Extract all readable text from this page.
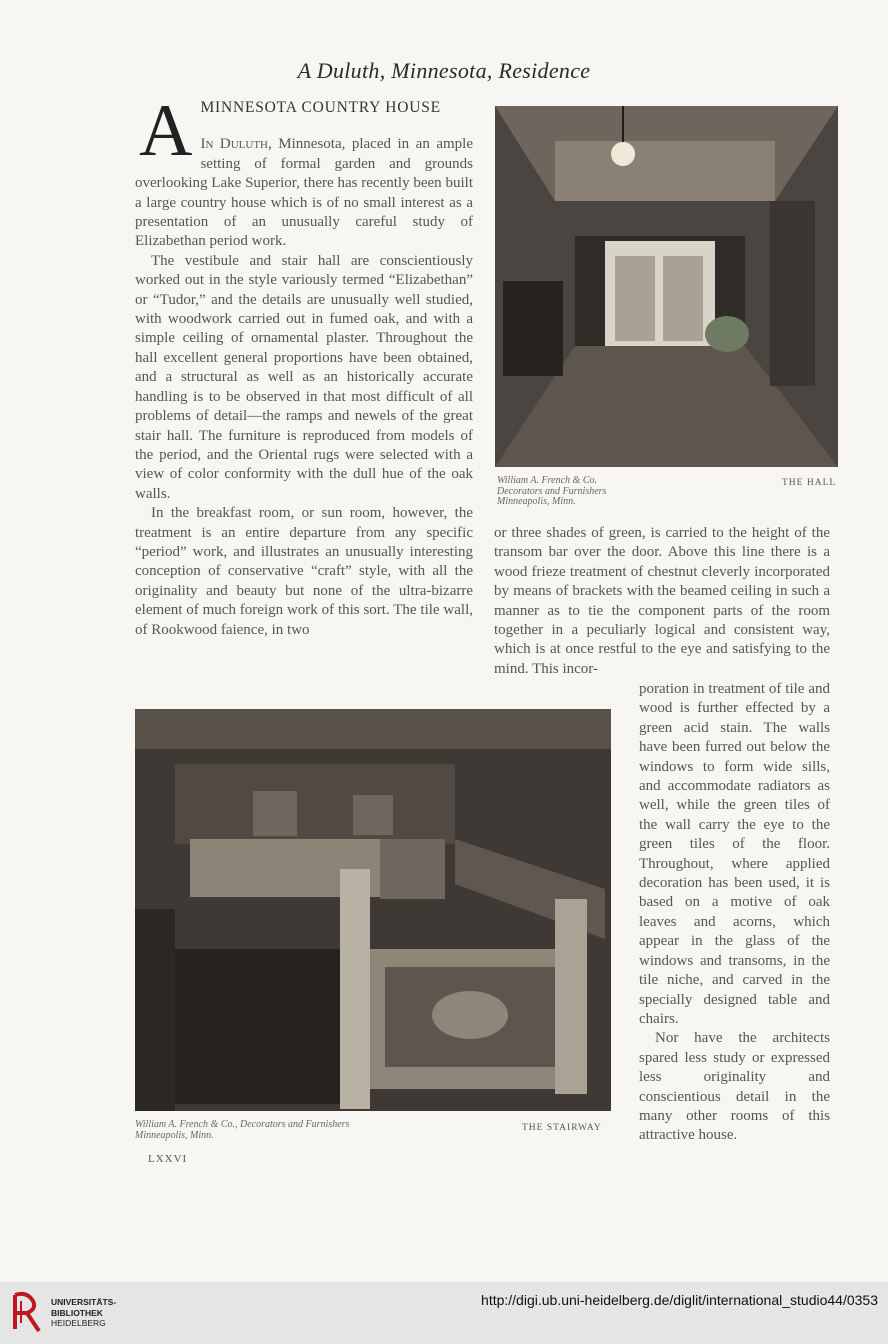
A Duluth, Minnesota, Residence
A MINNESOTA COUNTRY HOUSE

In Duluth, Minnesota, placed in an ample setting of formal garden and grounds overlooking Lake Superior, there has recently been built a large country house which is of no small interest as a presentation of an unusually careful study of Elizabethan period work.

The vestibule and stair hall are conscientiously worked out in the style variously termed “Elizabethan” or “Tudor,” and the details are unusually well studied, with woodwork carried out in fumed oak, and with a simple ceiling of ornamental plaster. Throughout the hall excellent general proportions have been obtained, and a structural as well as an historically accurate handling is to be observed in that most difficult of all problems of detail—the ramps and newels of the great stair hall. The furniture is reproduced from models of the period, and the Oriental rugs were selected with a view of color conformity with the dull hue of the oak walls.

In the breakfast room, or sun room, however, the treatment is an entire departure from any specific “period” work, and illustrates an unusually interesting conception of conservative “craft” style, with all the originality and beauty but none of the ultra-bizarre element of much foreign work of this sort. The tile wall, of Rookwood faience, in two

William A. French & Co.
Decorators and Furnishers
Minneapolis, Minn.
THE HALL

or three shades of green, is carried to the height of the transom bar over the door. Above this line there is a wood frieze treatment of chestnut cleverly incorporated by means of brackets with the beamed ceiling in such a manner as to tie the component parts of the room together in a peculiarly logical and consistent way, which is at once restful to the eye and satisfying to the mind. This incor-

William A. French & Co., Decorators and Furnishers
Minneapolis, Minn.
THE STAIRWAY

poration in treatment of tile and wood is further effected by a green acid stain. The walls have been furred out below the windows to form wide sills, and accommodate radiators as well, while the green tiles of the wall carry the eye to the green tiles of the floor. Throughout, where applied decoration has been used, it is based on a motive of oak leaves and acorns, which appear in the glass of the windows and transoms, in the tile niche, and carved in the specially designed table and chairs.

Nor have the architects spared less study or expressed less originality and conscientious detail in the many other rooms of this attractive house.

LXXVI
UNIVERSITÄTS-
BIBLIOTHEK
HEIDELBERG
http://digi.ub.uni-heidelberg.de/diglit/international_studio44/0353
